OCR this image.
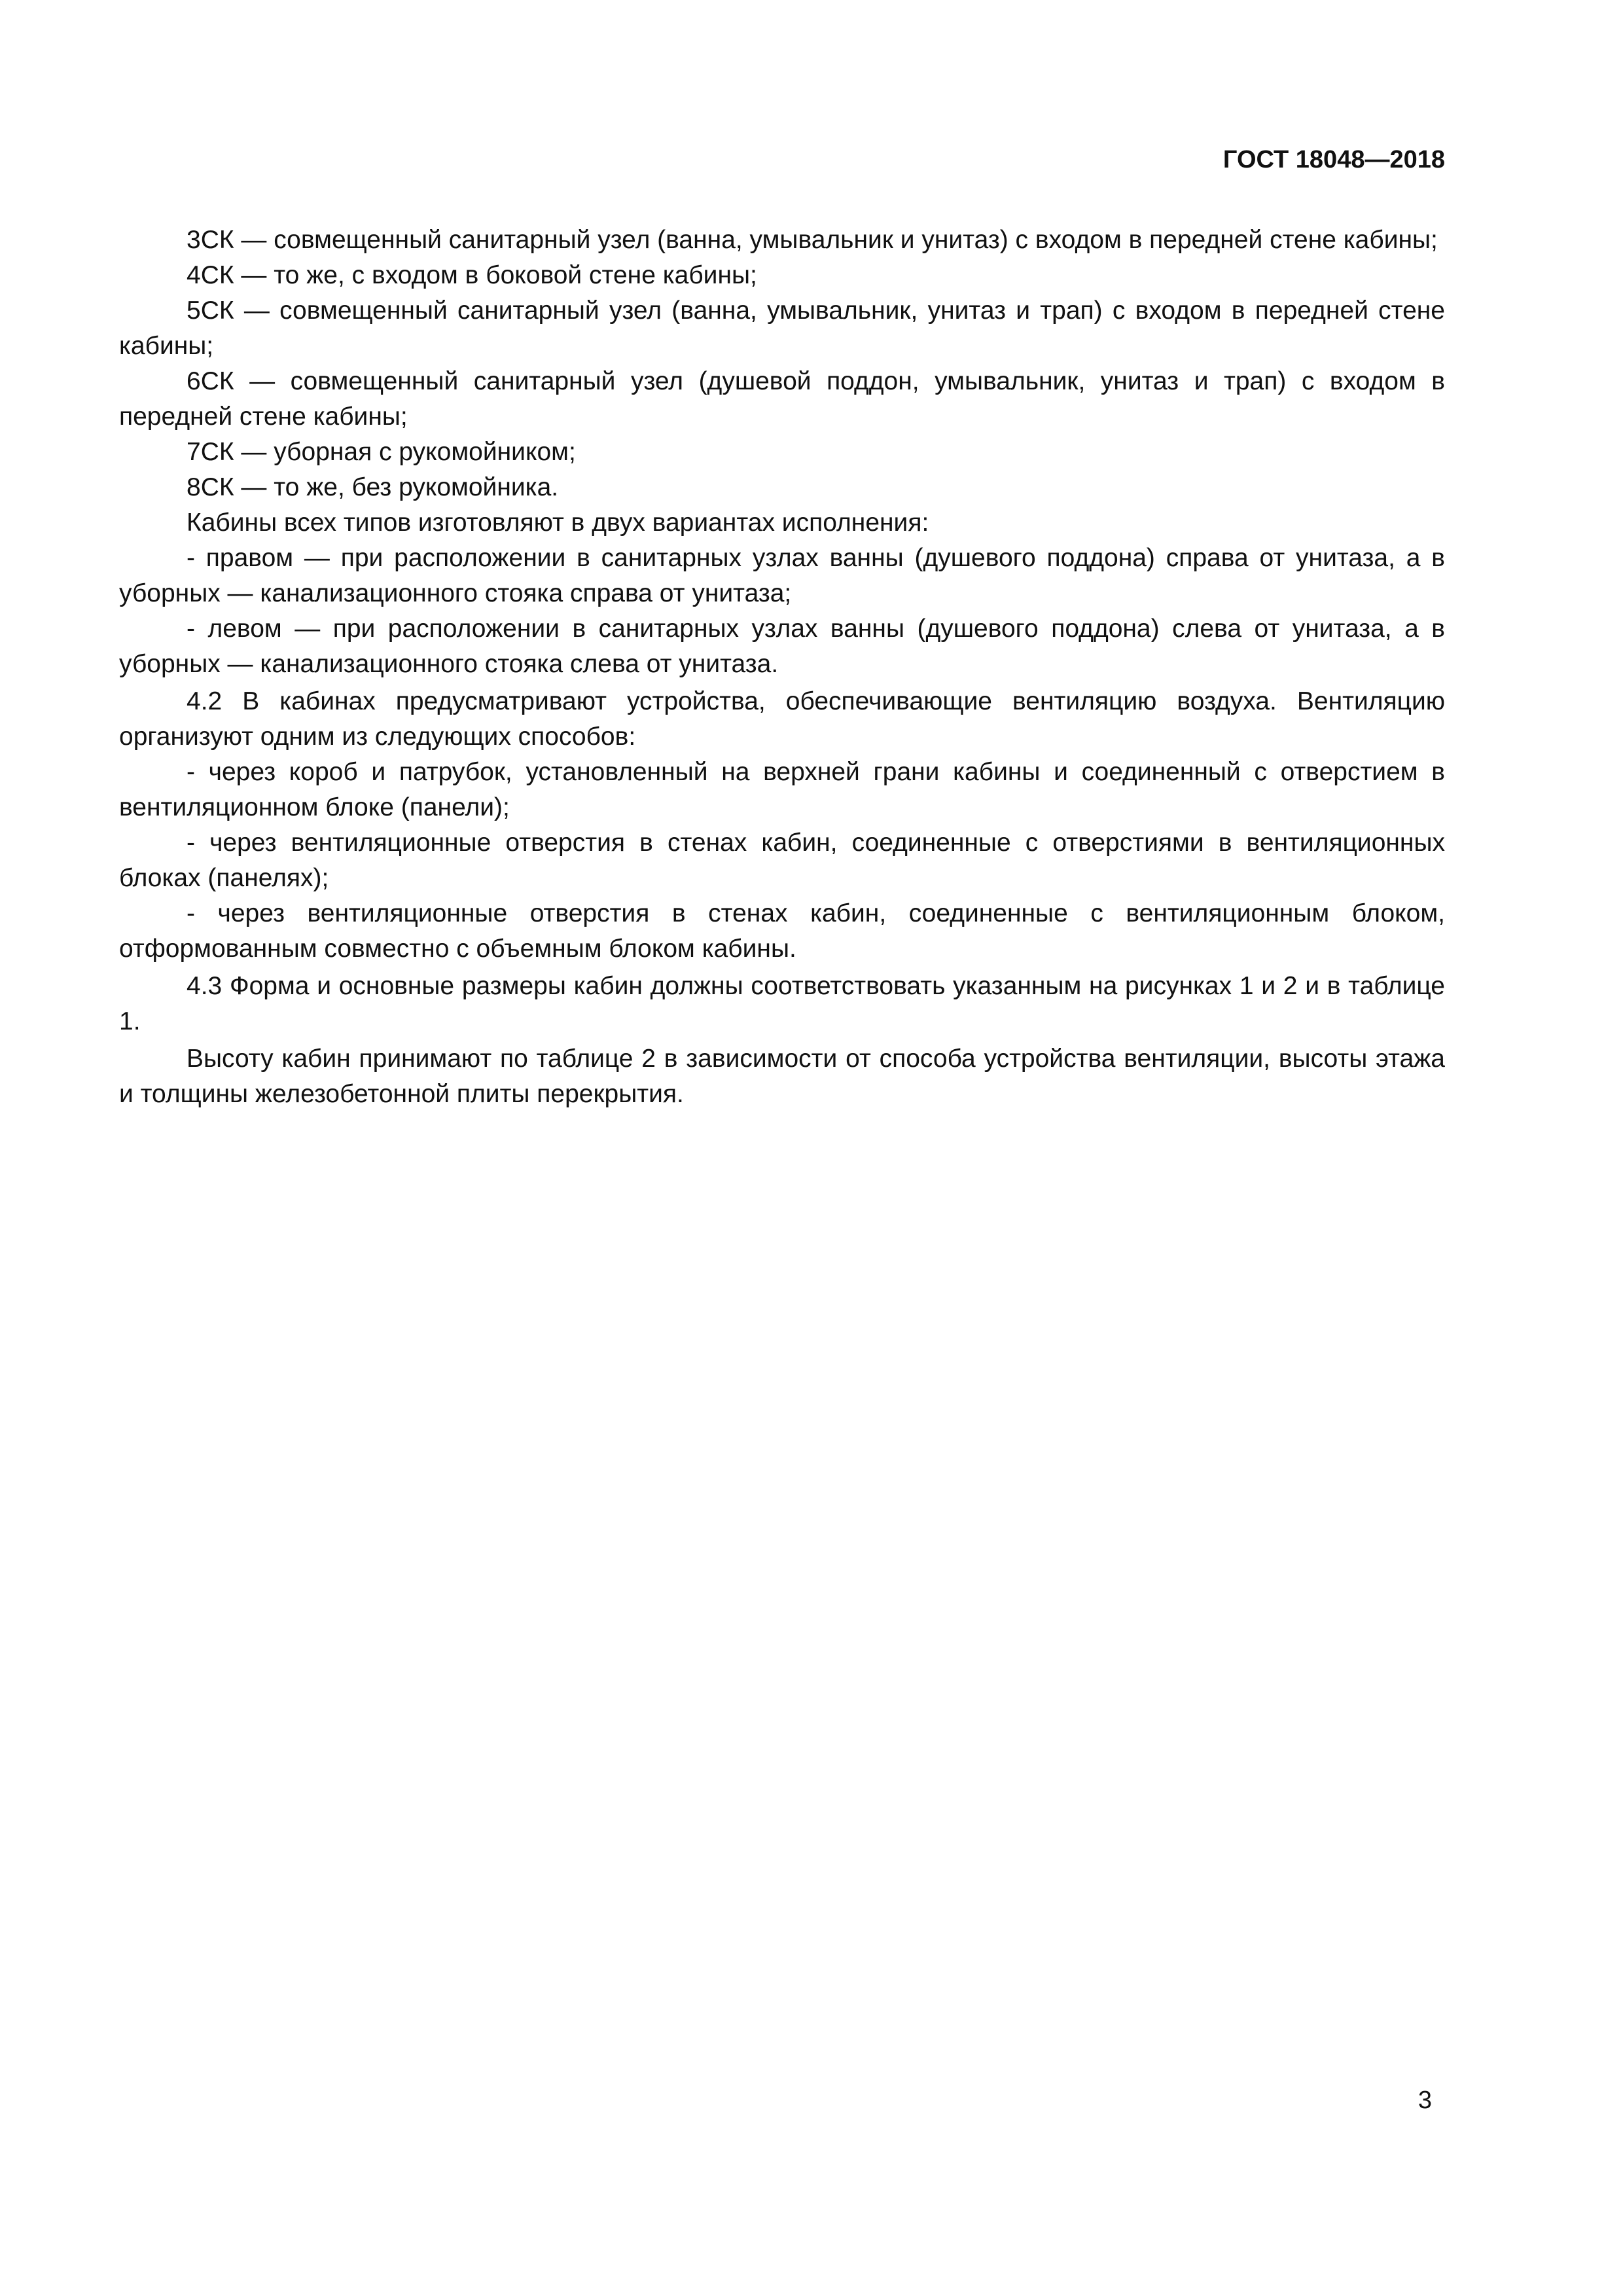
ГОСТ 18048—2018

3СК — совмещенный санитарный узел (ванна, умывальник и унитаз) с входом в передней стене кабины;

4СК — то же, с входом в боковой стене кабины;

5СК — совмещенный санитарный узел (ванна, умывальник, унитаз и трап) с входом в передней стене кабины;

6СК — совмещенный санитарный узел (душевой поддон, умывальник, унитаз и трап) с входом в передней стене кабины;

7СК — уборная с рукомойником;

8СК — то же, без рукомойника.

Кабины всех типов изготовляют в двух вариантах исполнения:

- правом — при расположении в санитарных узлах ванны (душевого поддона) справа от унитаза, а в уборных — канализационного стояка справа от унитаза;

- левом — при расположении в санитарных узлах ванны (душевого поддона) слева от унитаза, а в уборных — канализационного стояка слева от унитаза.

4.2 В кабинах предусматривают устройства, обеспечивающие вентиляцию воздуха. Вентиляцию организуют одним из следующих способов:

- через короб и патрубок, установленный на верхней грани кабины и соединенный с отверстием в вентиляционном блоке (панели);

- через вентиляционные отверстия в стенах кабин, соединенные с отверстиями в вентиляционных блоках (панелях);

- через вентиляционные отверстия в стенах кабин, соединенные с вентиляционным блоком, отформованным совместно с объемным блоком кабины.

4.3 Форма и основные размеры кабин должны соответствовать указанным на рисунках 1 и 2 и в таблице 1.

Высоту кабин принимают по таблице 2 в зависимости от способа устройства вентиляции, высоты этажа и толщины железобетонной плиты перекрытия.

3
